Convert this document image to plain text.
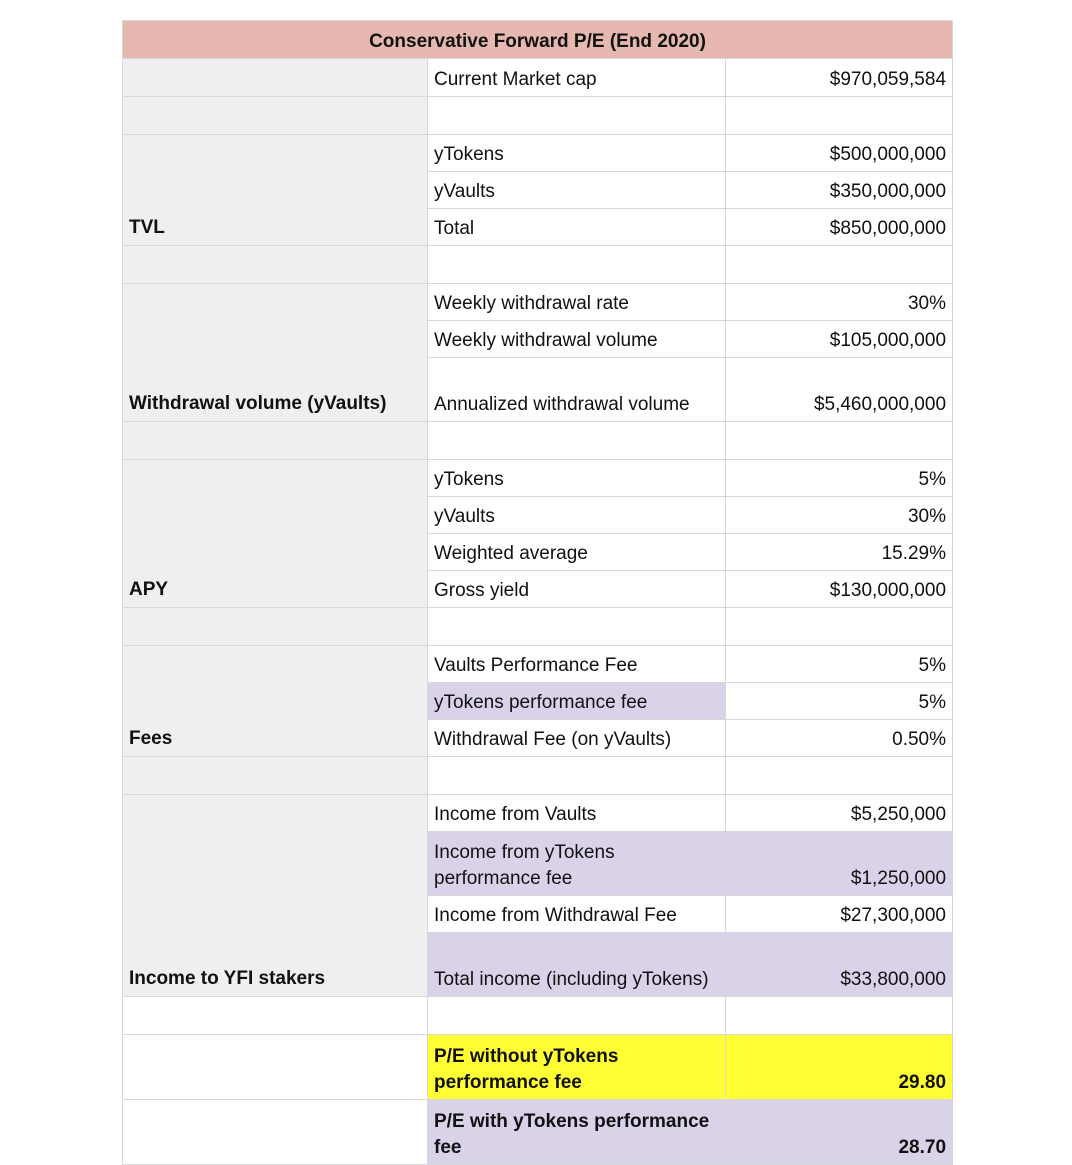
Conservative Forward P/E (End 2020)		
	Current Market cap	$970,059,584

TVL	yTokens	$500,000,000
	yVaults	$350,000,000
	Total	$850,000,000

Withdrawal volume (yVaults)	Weekly withdrawal rate	30%
	Weekly withdrawal volume	$105,000,000
	Annualized withdrawal volume	$5,460,000,000

APY	yTokens	5%
	yVaults	30%
	Weighted average	15.29%
	Gross yield	$130,000,000

Fees	Vaults Performance Fee	5%
	yTokens performance fee	5%
	Withdrawal Fee (on yVaults)	0.50%

Income to YFI stakers	Income from Vaults	$5,250,000
	Income from yTokens performance fee	$1,250,000
	Income from Withdrawal Fee	$27,300,000
	Total income (including yTokens)	$33,800,000

	P/E without yTokens performance fee	29.80
	P/E with yTokens performance fee	28.70
